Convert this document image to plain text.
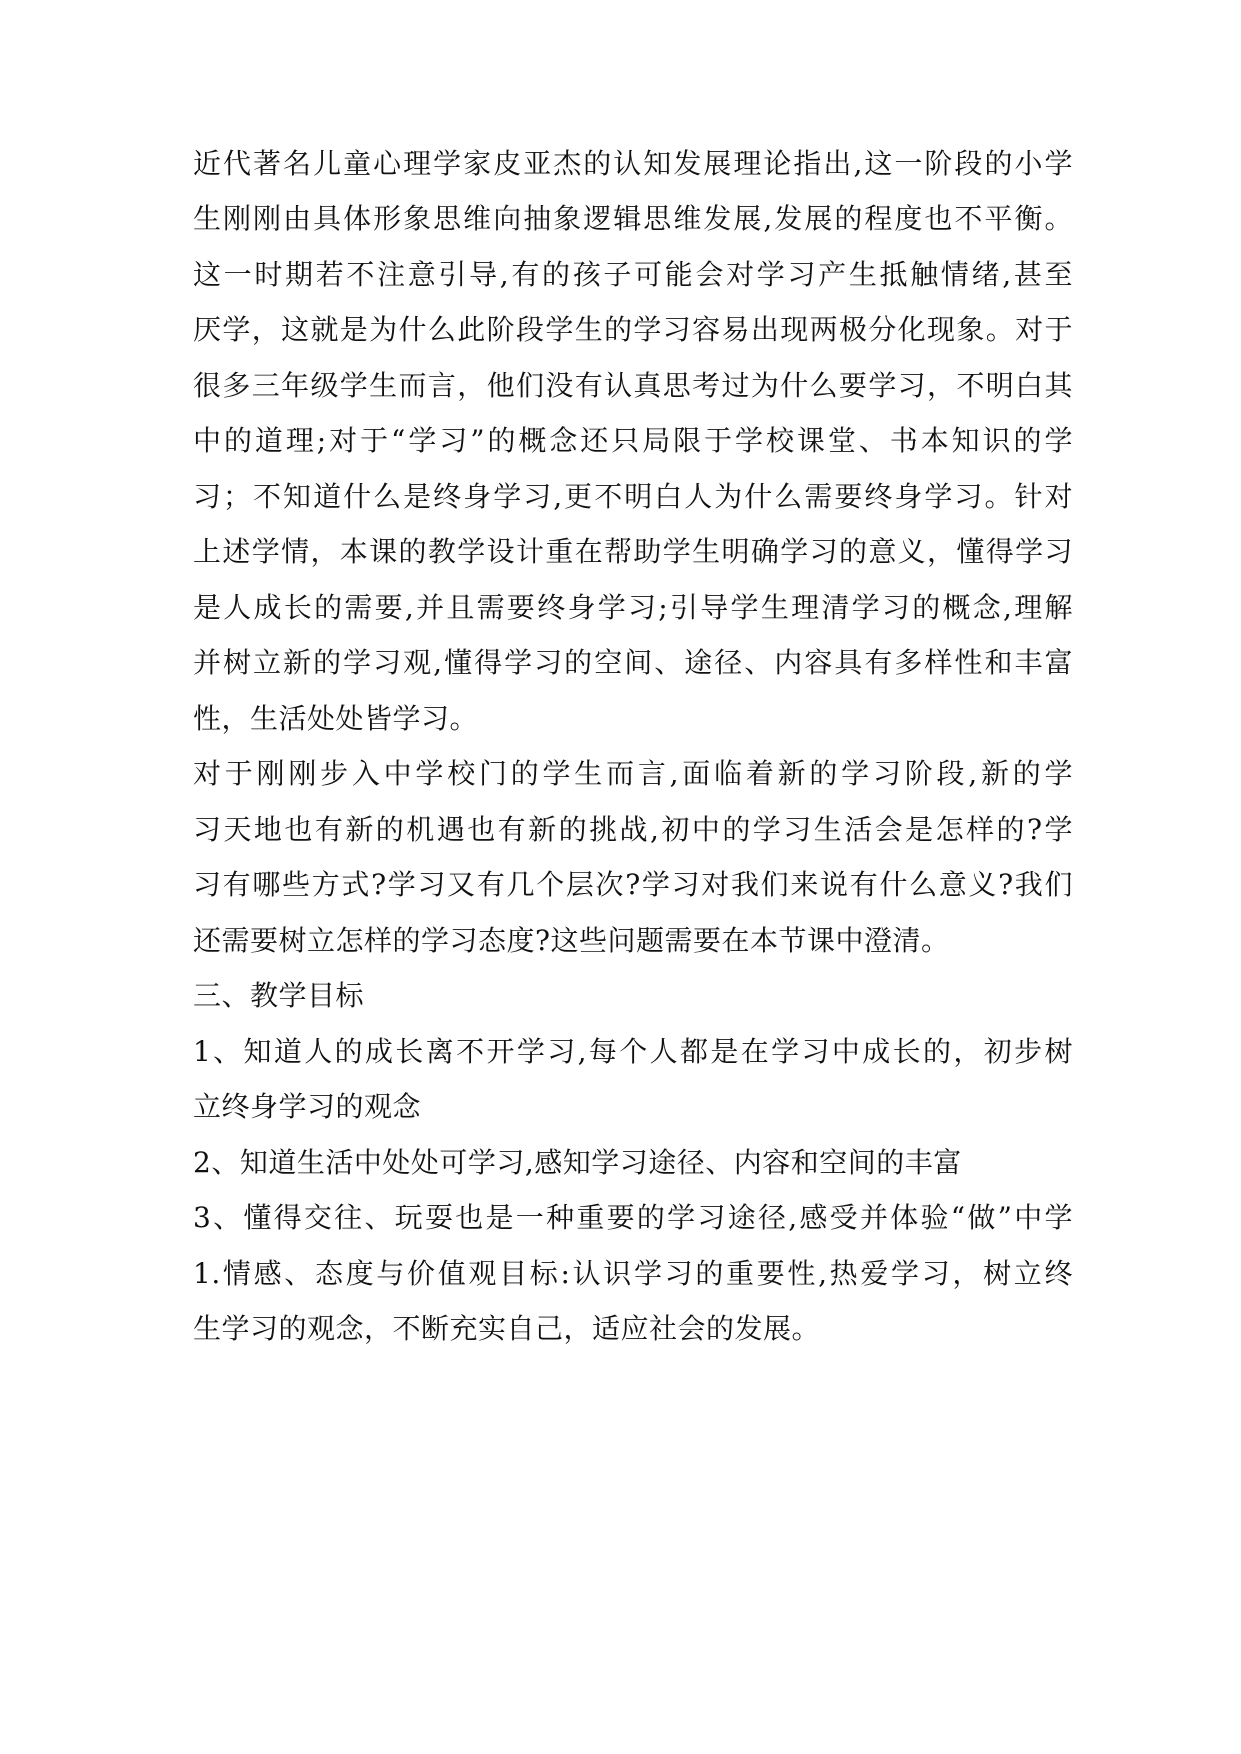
近代著名儿童心理学家皮亚杰的认知发展理论指出,这一阶段的小学
生刚刚由具体形象思维向抽象逻辑思维发展,发展的程度也不平衡。
这一时期若不注意引导,有的孩子可能会对学习产生抵触情绪,甚至
厌学，这就是为什么此阶段学生的学习容易出现两极分化现象。对于
很多三年级学生而言，他们没有认真思考过为什么要学习，不明白其
中的道理;对于“学习”的概念还只局限于学校课堂、书本知识的学
习；不知道什么是终身学习,更不明白人为什么需要终身学习。针对
上述学情，本课的教学设计重在帮助学生明确学习的意义，懂得学习
是人成长的需要,并且需要终身学习;引导学生理清学习的概念,理解
并树立新的学习观,懂得学习的空间、途径、内容具有多样性和丰富
性，生活处处皆学习。
对于刚刚步入中学校门的学生而言,面临着新的学习阶段,新的学
习天地也有新的机遇也有新的挑战,初中的学习生活会是怎样的?学
习有哪些方式?学习又有几个层次?学习对我们来说有什么意义?我们
还需要树立怎样的学习态度?这些问题需要在本节课中澄清。
三、教学目标
1、知道人的成长离不开学习,每个人都是在学习中成长的，初步树
立终身学习的观念
2、知道生活中处处可学习,感知学习途径、内容和空间的丰富
3、懂得交往、玩耍也是一种重要的学习途径,感受并体验“做”中学
1.情感、态度与价值观目标:认识学习的重要性,热爱学习，树立终
生学习的观念，不断充实自己，适应社会的发展。
